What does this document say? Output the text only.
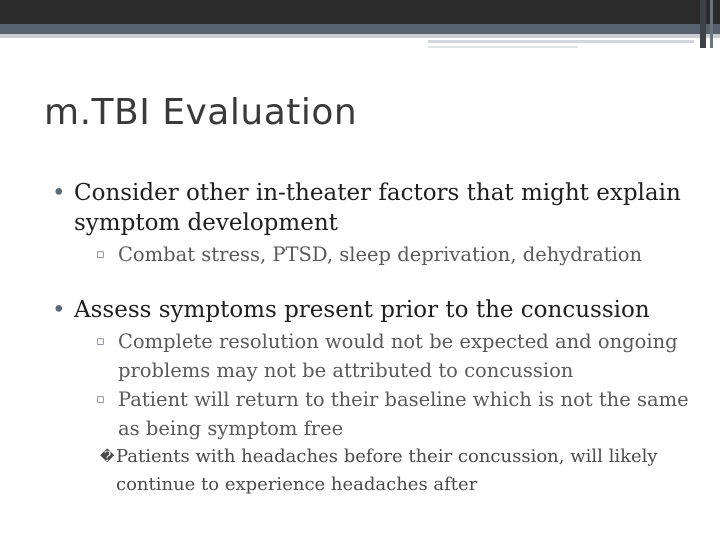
m.TBI Evaluation
• Consider other in-theater factors that might explain symptom development
▫ Combat stress, PTSD, sleep deprivation, dehydration
• Assess symptoms present prior to the concussion
▫ Complete resolution would not be expected and ongoing problems may not be attributed to concussion
▫ Patient will return to their baseline which is not the same as being symptom free
� Patients with headaches before their concussion, will likely continue to experience headaches after
